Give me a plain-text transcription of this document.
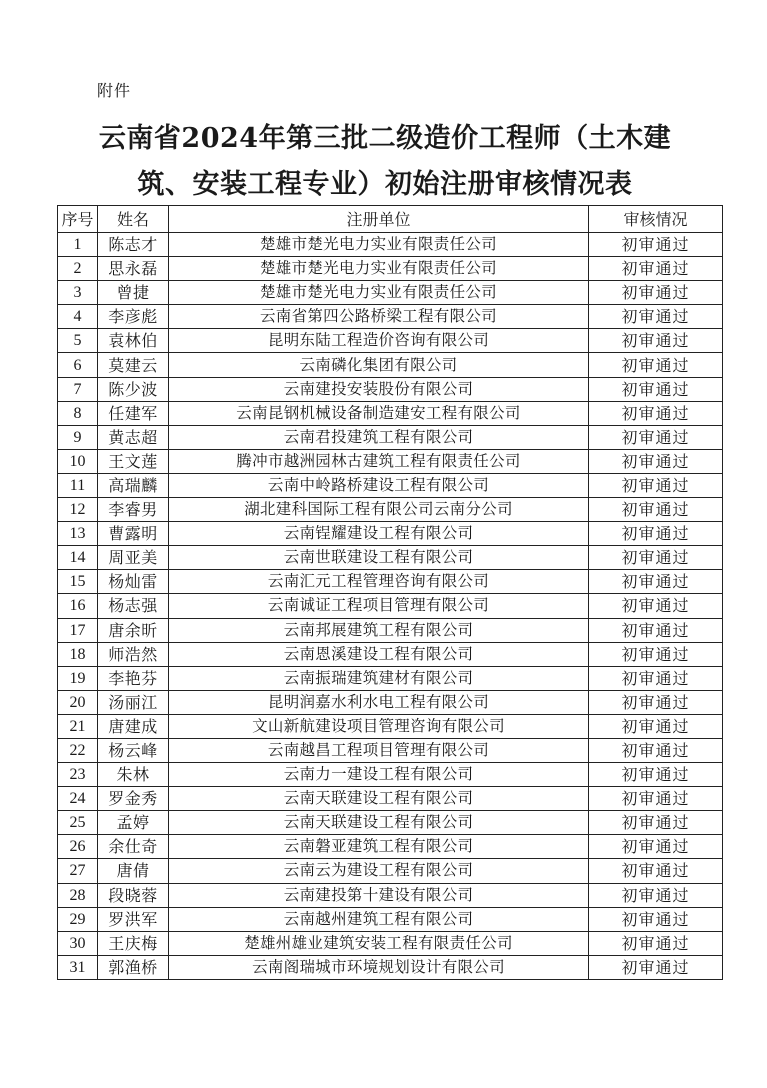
附件
云南省2024年第三批二级造价工程师（土木建
筑、安装工程专业）初始注册审核情况表
序号	姓名	注册单位	审核情况
1	陈志才	楚雄市楚光电力实业有限责任公司	初审通过
2	思永磊	楚雄市楚光电力实业有限责任公司	初审通过
3	曾捷	楚雄市楚光电力实业有限责任公司	初审通过
4	李彦彪	云南省第四公路桥梁工程有限公司	初审通过
5	袁林伯	昆明东陆工程造价咨询有限公司	初审通过
6	莫建云	云南磷化集团有限公司	初审通过
7	陈少波	云南建投安装股份有限公司	初审通过
8	任建军	云南昆钢机械设备制造建安工程有限公司	初审通过
9	黄志超	云南君投建筑工程有限公司	初审通过
10	王文莲	腾冲市越洲园林古建筑工程有限责任公司	初审通过
11	高瑞麟	云南中岭路桥建设工程有限公司	初审通过
12	李睿男	湖北建科国际工程有限公司云南分公司	初审通过
13	曹露明	云南锃耀建设工程有限公司	初审通过
14	周亚美	云南世联建设工程有限公司	初审通过
15	杨灿雷	云南汇元工程管理咨询有限公司	初审通过
16	杨志强	云南诚证工程项目管理有限公司	初审通过
17	唐余昕	云南邦展建筑工程有限公司	初审通过
18	师浩然	云南恩溪建设工程有限公司	初审通过
19	李艳芬	云南振瑞建筑建材有限公司	初审通过
20	汤丽江	昆明润嘉水利水电工程有限公司	初审通过
21	唐建成	文山新航建设项目管理咨询有限公司	初审通过
22	杨云峰	云南越昌工程项目管理有限公司	初审通过
23	朱林	云南力一建设工程有限公司	初审通过
24	罗金秀	云南天联建设工程有限公司	初审通过
25	孟婷	云南天联建设工程有限公司	初审通过
26	余仕奇	云南磐亚建筑工程有限公司	初审通过
27	唐倩	云南云为建设工程有限公司	初审通过
28	段晓蓉	云南建投第十建设有限公司	初审通过
29	罗洪军	云南越州建筑工程有限公司	初审通过
30	王庆梅	楚雄州雄业建筑安装工程有限责任公司	初审通过
31	郭渔桥	云南阁瑞城市环境规划设计有限公司	初审通过
